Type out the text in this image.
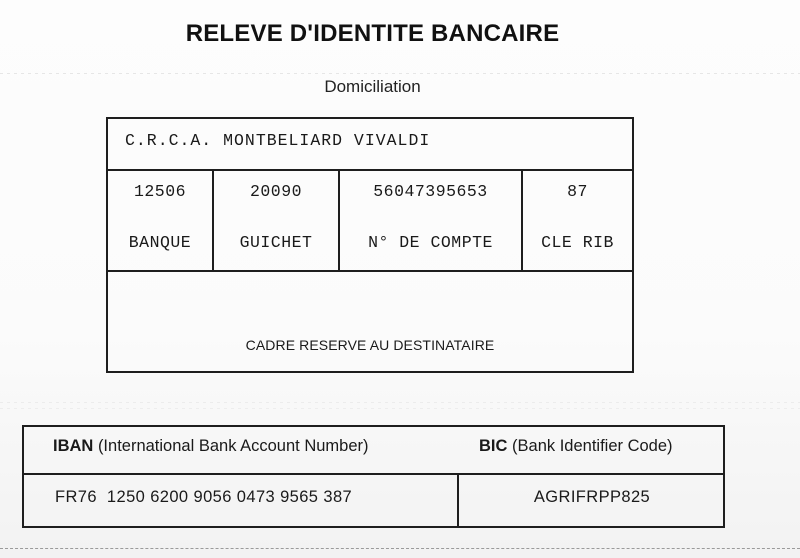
RELEVE D'IDENTITE BANCAIRE
Domiciliation
C.R.C.A. MONTBELIARD VIVALDI
12506
BANQUE
20090
GUICHET
56047395653
N° DE COMPTE
87
CLE RIB
CADRE RESERVE AU DESTINATAIRE
IBAN (International Bank Account Number)	BIC (Bank Identifier Code)
FR76  1250 6200 9056 0473 9565 387	AGRIFRPP825
